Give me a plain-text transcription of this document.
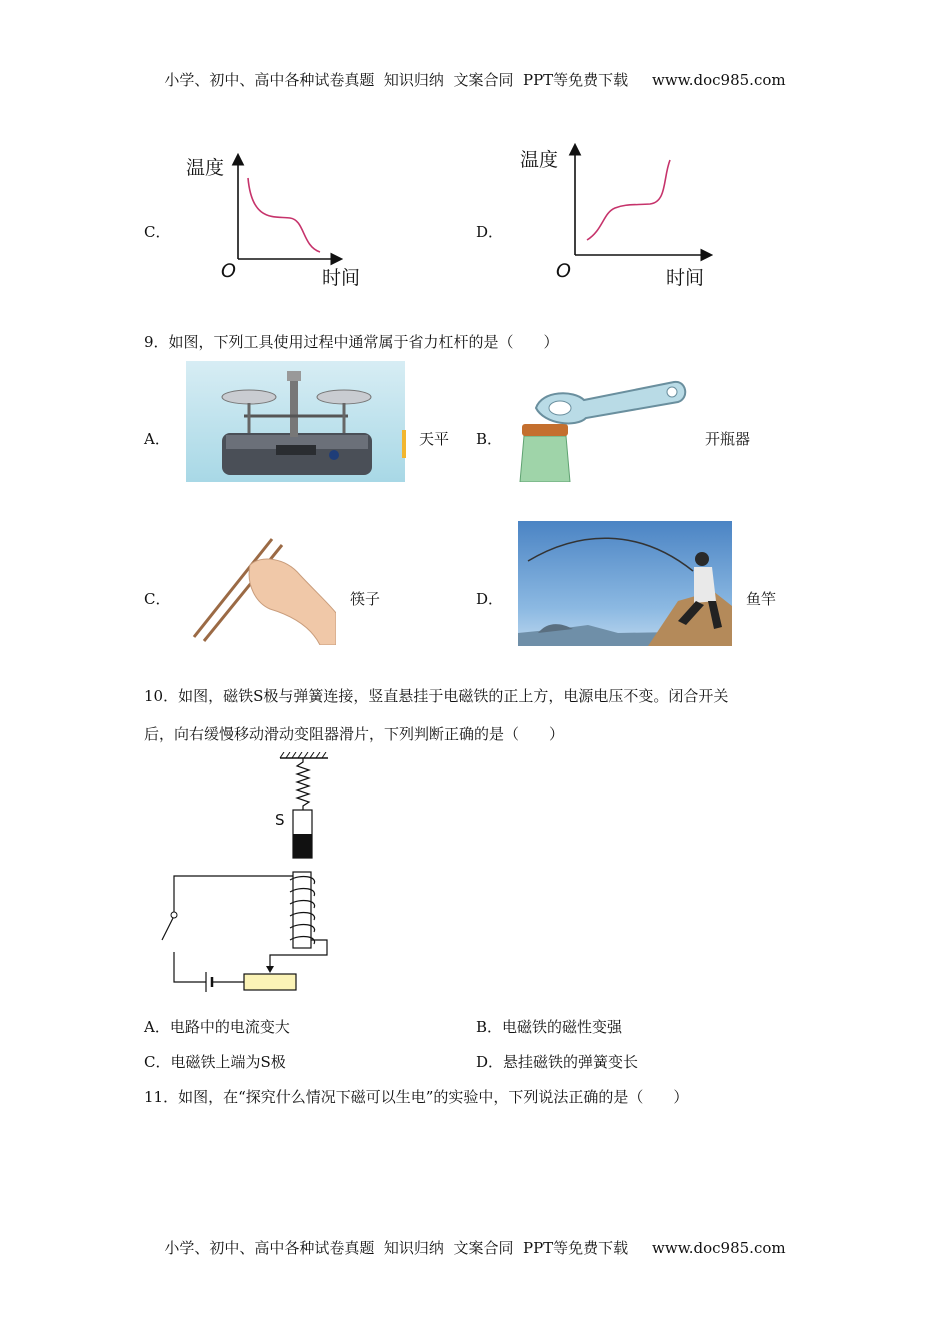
小学、初中、高中各种试卷真题  知识归纳  文案合同  PPT等免费下载     www.doc985.com
C．
温度
时间
O
D．
温度
时间
O
9．如图，下列工具使用过程中通常属于省力杠杆的是（　　）
A．	天平 B．	开瓶器
C．	筷子	D．	鱼竿
10．如图，磁铁S极与弹簧连接，竖直悬挂于电磁铁的正上方，电源电压不变。闭合开关
后，向右缓慢移动滑动变阻器滑片，下列判断正确的是（　　）
S
A．电路中的电流变大	B．电磁铁的磁性变强
C．电磁铁上端为S极	D．悬挂磁铁的弹簧变长
11．如图，在“探究什么情况下磁可以生电”的实验中，下列说法正确的是（　　）
小学、初中、高中各种试卷真题  知识归纳  文案合同  PPT等免费下载     www.doc985.com
